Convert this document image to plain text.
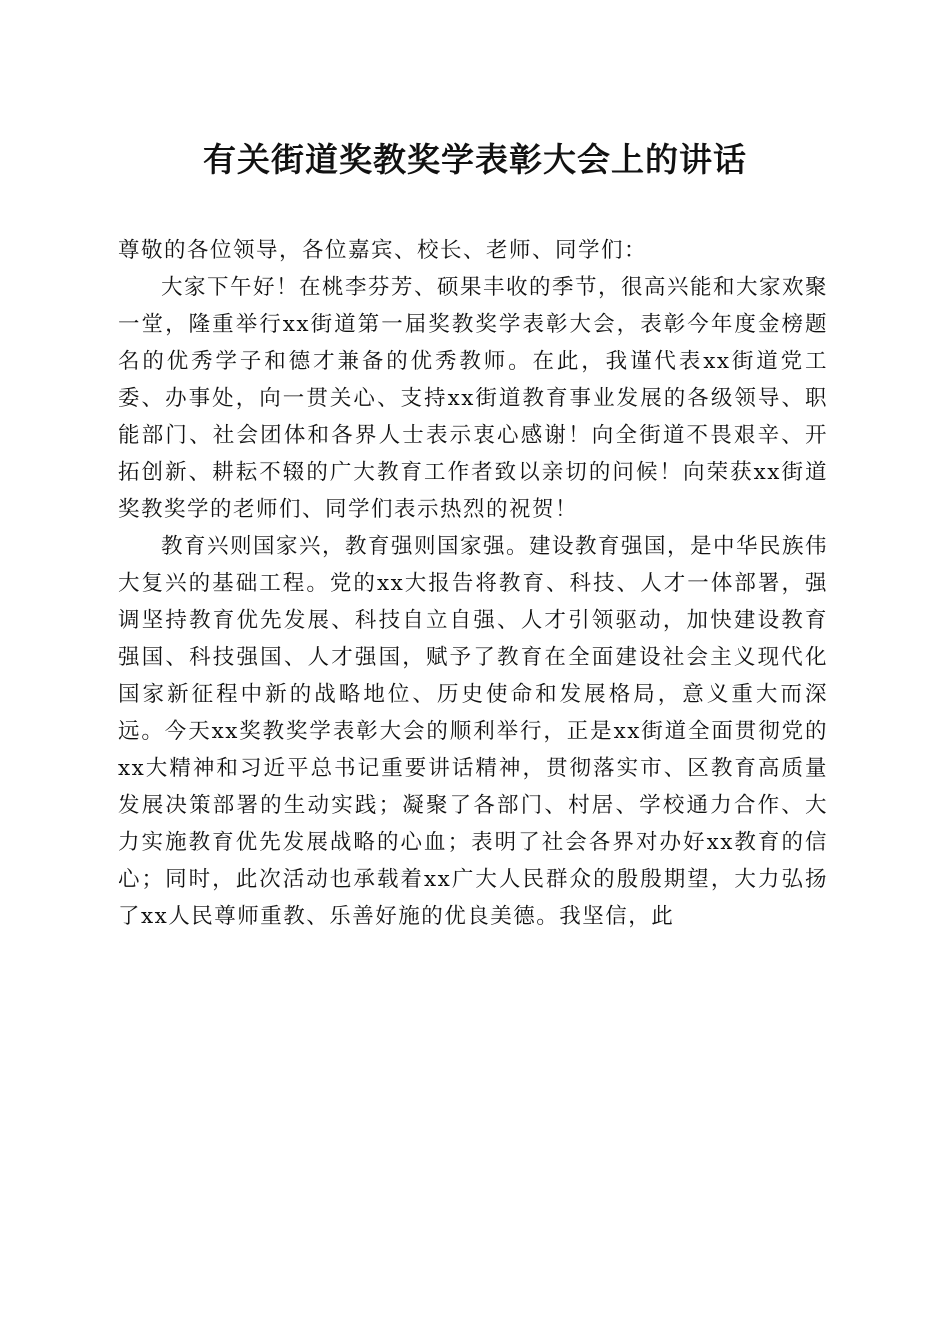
有关街道奖教奖学表彰大会上的讲话

尊敬的各位领导，各位嘉宾、校长、老师、同学们：

大家下午好！在桃李芬芳、硕果丰收的季节，很高兴能和大家欢聚一堂，隆重举行xx街道第一届奖教奖学表彰大会，表彰今年度金榜题名的优秀学子和德才兼备的优秀教师。在此，我谨代表xx街道党工委、办事处，向一贯关心、支持xx街道教育事业发展的各级领导、职能部门、社会团体和各界人士表示衷心感谢！向全街道不畏艰辛、开拓创新、耕耘不辍的广大教育工作者致以亲切的问候！向荣获xx街道奖教奖学的老师们、同学们表示热烈的祝贺！

教育兴则国家兴，教育强则国家强。建设教育强国，是中华民族伟大复兴的基础工程。党的xx大报告将教育、科技、人才一体部署，强调坚持教育优先发展、科技自立自强、人才引领驱动，加快建设教育强国、科技强国、人才强国，赋予了教育在全面建设社会主义现代化国家新征程中新的战略地位、历史使命和发展格局，意义重大而深远。今天xx奖教奖学表彰大会的顺利举行，正是xx街道全面贯彻党的xx大精神和习近平总书记重要讲话精神，贯彻落实市、区教育高质量发展决策部署的生动实践；凝聚了各部门、村居、学校通力合作、大力实施教育优先发展战略的心血；表明了社会各界对办好xx教育的信心；同时，此次活动也承载着xx广大人民群众的殷殷期望，大力弘扬了xx人民尊师重教、乐善好施的优良美德。我坚信，此
